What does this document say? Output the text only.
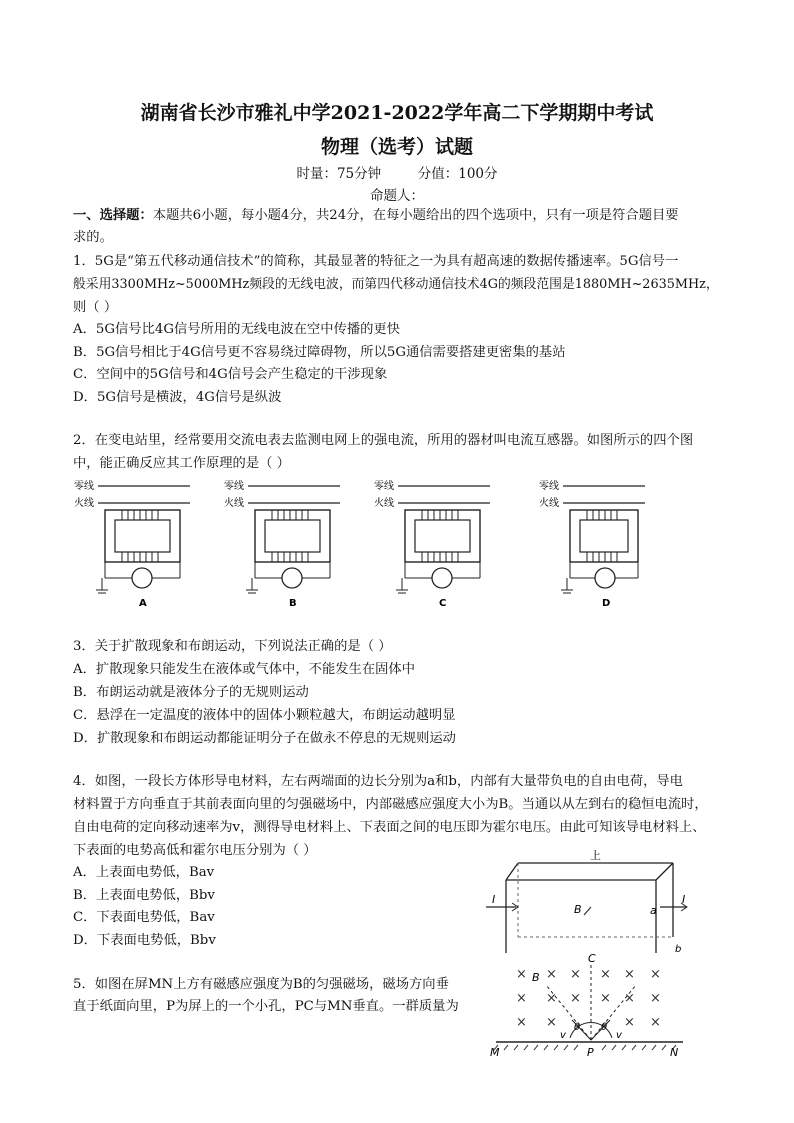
湖南省长沙市雅礼中学2021-2022学年高二下学期期中考试
物理（选考）试题
时量：75分钟	分值：100分
命题人：
一、选择题：本题共6小题，每小题4分，共24分，在每小题给出的四个选项中，只有一项是符合题目要
求的。
1．5G是“第五代移动通信技术”的简称，其最显著的特征之一为具有超高速的数据传播速率。5G信号一
般采用3300MHz~5000MHz频段的无线电波，而第四代移动通信技术4G的频段范围是1880MH~2635MHz，
则（ ）
A．5G信号比4G信号所用的无线电波在空中传播的更快
B．5G信号相比于4G信号更不容易绕过障碍物，所以5G通信需要搭建更密集的基站
C．空间中的5G信号和4G信号会产生稳定的干涉现象
D．5G信号是横波，4G信号是纵波
2．在变电站里，经常要用交流电表去监测电网上的强电流，所用的器材叫电流互感器。如图所示的四个图
中，能正确反应其工作原理的是（ ）
零线
火线
A
零线
火线
B
零线
火线
C
零线
火线
D
3．关于扩散现象和布朗运动，下列说法正确的是（ ）
A．扩散现象只能发生在液体或气体中，不能发生在固体中
B．布朗运动就是液体分子的无规则运动
C．悬浮在一定温度的液体中的固体小颗粒越大，布朗运动越明显
D．扩散现象和布朗运动都能证明分子在做永不停息的无规则运动
4．如图，一段长方体形导电材料，左右两端面的边长分别为a和b，内部有大量带负电的自由电荷，导电
材料置于方向垂直于其前表面向里的匀强磁场中，内部磁感应强度大小为B。当通以从左到右的稳恒电流时，
自由电荷的定向移动速率为v，测得导电材料上、下表面之间的电压即为霍尔电压。由此可知该导电材料上、
下表面的电势高低和霍尔电压分别为（ ）
A．上表面电势低，Bav
B．上表面电势低，Bbv
C．下表面电势低，Bav
D．下表面电势低，Bbv
上
I	I
B	a
b
5．如图在屏MN上方有磁感应强度为B的匀强磁场，磁场方向垂
直于纸面向里，P为屏上的一个小孔，PC与MN垂直。一群质量为
C
× × × × × ×
× × × × × ×
× ×	× ×
B
θ θ
v	v
M	P	N
